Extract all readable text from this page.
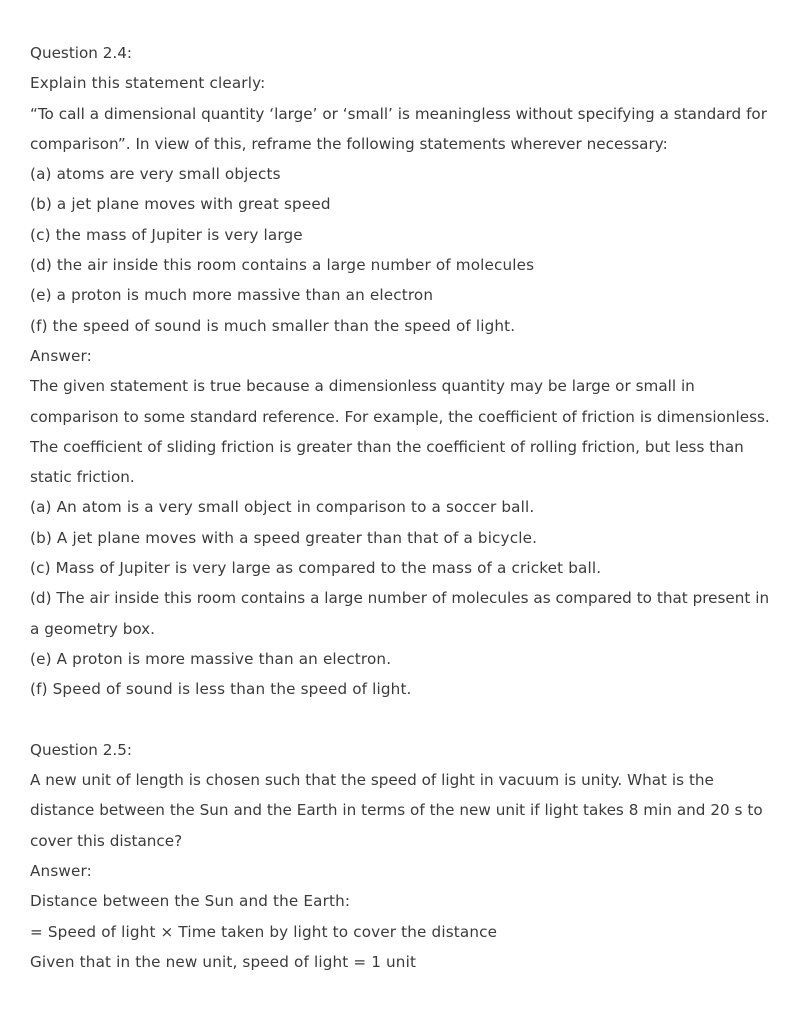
Question 2.4:

Explain this statement clearly:

“To call a dimensional quantity ‘large’ or ‘small’ is meaningless without specifying a standard for comparison”. In view of this, reframe the following statements wherever necessary:

(a) atoms are very small objects

(b) a jet plane moves with great speed

(c) the mass of Jupiter is very large

(d) the air inside this room contains a large number of molecules

(e) a proton is much more massive than an electron

(f) the speed of sound is much smaller than the speed of light.

Answer:

The given statement is true because a dimensionless quantity may be large or small in comparison to some standard reference. For example, the coefficient of friction is dimensionless. The coefficient of sliding friction is greater than the coefficient of rolling friction, but less than static friction.

(a) An atom is a very small object in comparison to a soccer ball.

(b) A jet plane moves with a speed greater than that of a bicycle.

(c) Mass of Jupiter is very large as compared to the mass of a cricket ball.

(d) The air inside this room contains a large number of molecules as compared to that present in a geometry box.

(e) A proton is more massive than an electron.

(f) Speed of sound is less than the speed of light.

Question 2.5:

A new unit of length is chosen such that the speed of light in vacuum is unity. What is the distance between the Sun and the Earth in terms of the new unit if light takes 8 min and 20 s to cover this distance?

Answer:

Distance between the Sun and the Earth:

= Speed of light × Time taken by light to cover the distance

Given that in the new unit, speed of light = 1 unit
